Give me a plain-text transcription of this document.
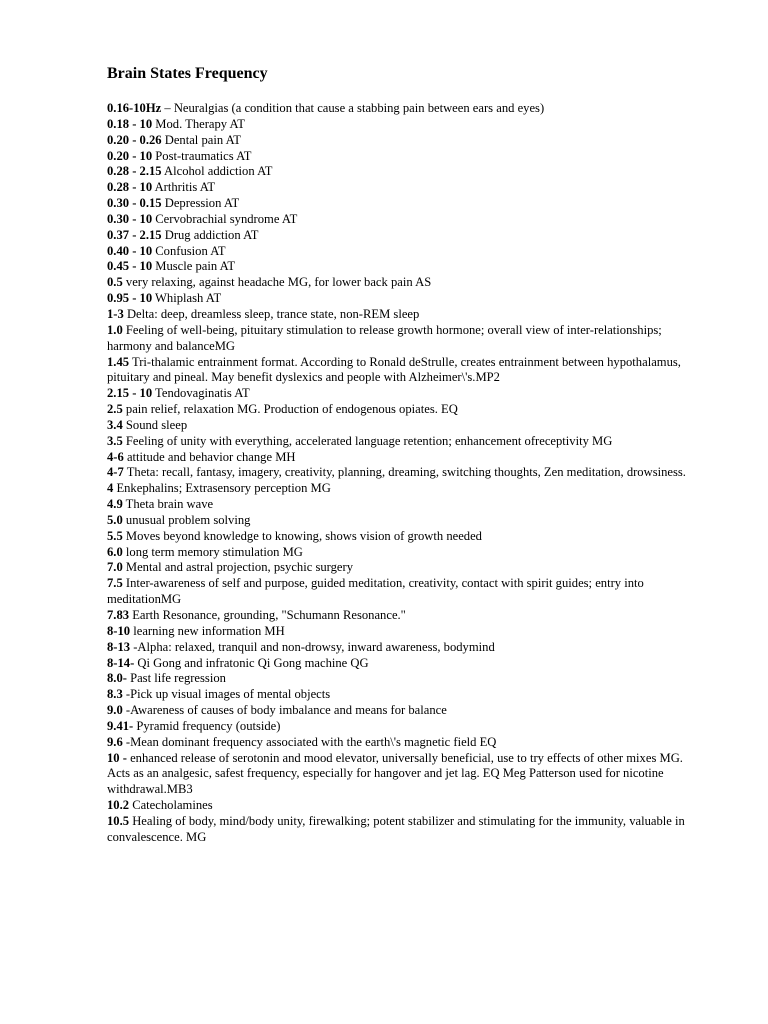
Brain States Frequency

0.16-10Hz – Neuralgias (a condition that cause a stabbing pain between ears and eyes)

0.18 - 10 Mod. Therapy AT

0.20 - 0.26 Dental pain AT

0.20 - 10 Post-traumatics AT

0.28 - 2.15 Alcohol addiction AT

0.28 - 10 Arthritis AT

0.30 - 0.15 Depression AT

0.30 - 10 Cervobrachial syndrome AT

0.37 - 2.15 Drug addiction AT

0.40 - 10 Confusion AT

0.45 - 10 Muscle pain AT

0.5 very relaxing, against headache MG, for lower back pain AS

0.95 - 10 Whiplash AT

1-3 Delta: deep, dreamless sleep, trance state, non-REM sleep

1.0 Feeling of well-being, pituitary stimulation to release growth hormone; overall view of inter-relationships; harmony and balanceMG

1.45 Tri-thalamic entrainment format. According to Ronald deStrulle, creates entrainment between hypothalamus, pituitary and pineal. May benefit dyslexics and people with Alzheimer\'s.MP2

2.15 - 10 Tendovaginatis AT

2.5 pain relief, relaxation MG. Production of endogenous opiates. EQ

3.4 Sound sleep

3.5 Feeling of unity with everything, accelerated language retention; enhancement ofreceptivity MG

4-6 attitude and behavior change MH

4-7 Theta: recall, fantasy, imagery, creativity, planning, dreaming, switching thoughts, Zen meditation, drowsiness.

4 Enkephalins; Extrasensory perception MG

4.9 Theta brain wave

5.0 unusual problem solving

5.5 Moves beyond knowledge to knowing, shows vision of growth needed

6.0 long term memory stimulation MG

7.0 Mental and astral projection, psychic surgery

7.5 Inter-awareness of self and purpose, guided meditation, creativity, contact with spirit guides; entry into meditationMG

7.83 Earth Resonance, grounding, "Schumann Resonance."

8-10 learning new information MH

8-13 -Alpha: relaxed, tranquil and non-drowsy, inward awareness, bodymind

8-14- Qi Gong and infratonic Qi Gong machine QG

8.0- Past life regression

8.3 -Pick up visual images of mental objects

9.0 -Awareness of causes of body imbalance and means for balance

9.41- Pyramid frequency (outside)

9.6 -Mean dominant frequency associated with the earth\'s magnetic field EQ

10 - enhanced release of serotonin and mood elevator, universally beneficial, use to try effects of other mixes MG. Acts as an analgesic, safest frequency, especially for hangover and jet lag. EQ Meg Patterson used for nicotine withdrawal.MB3

10.2 Catecholamines

10.5 Healing of body, mind/body unity, firewalking; potent stabilizer and stimulating for the immunity, valuable in convalescence. MG
